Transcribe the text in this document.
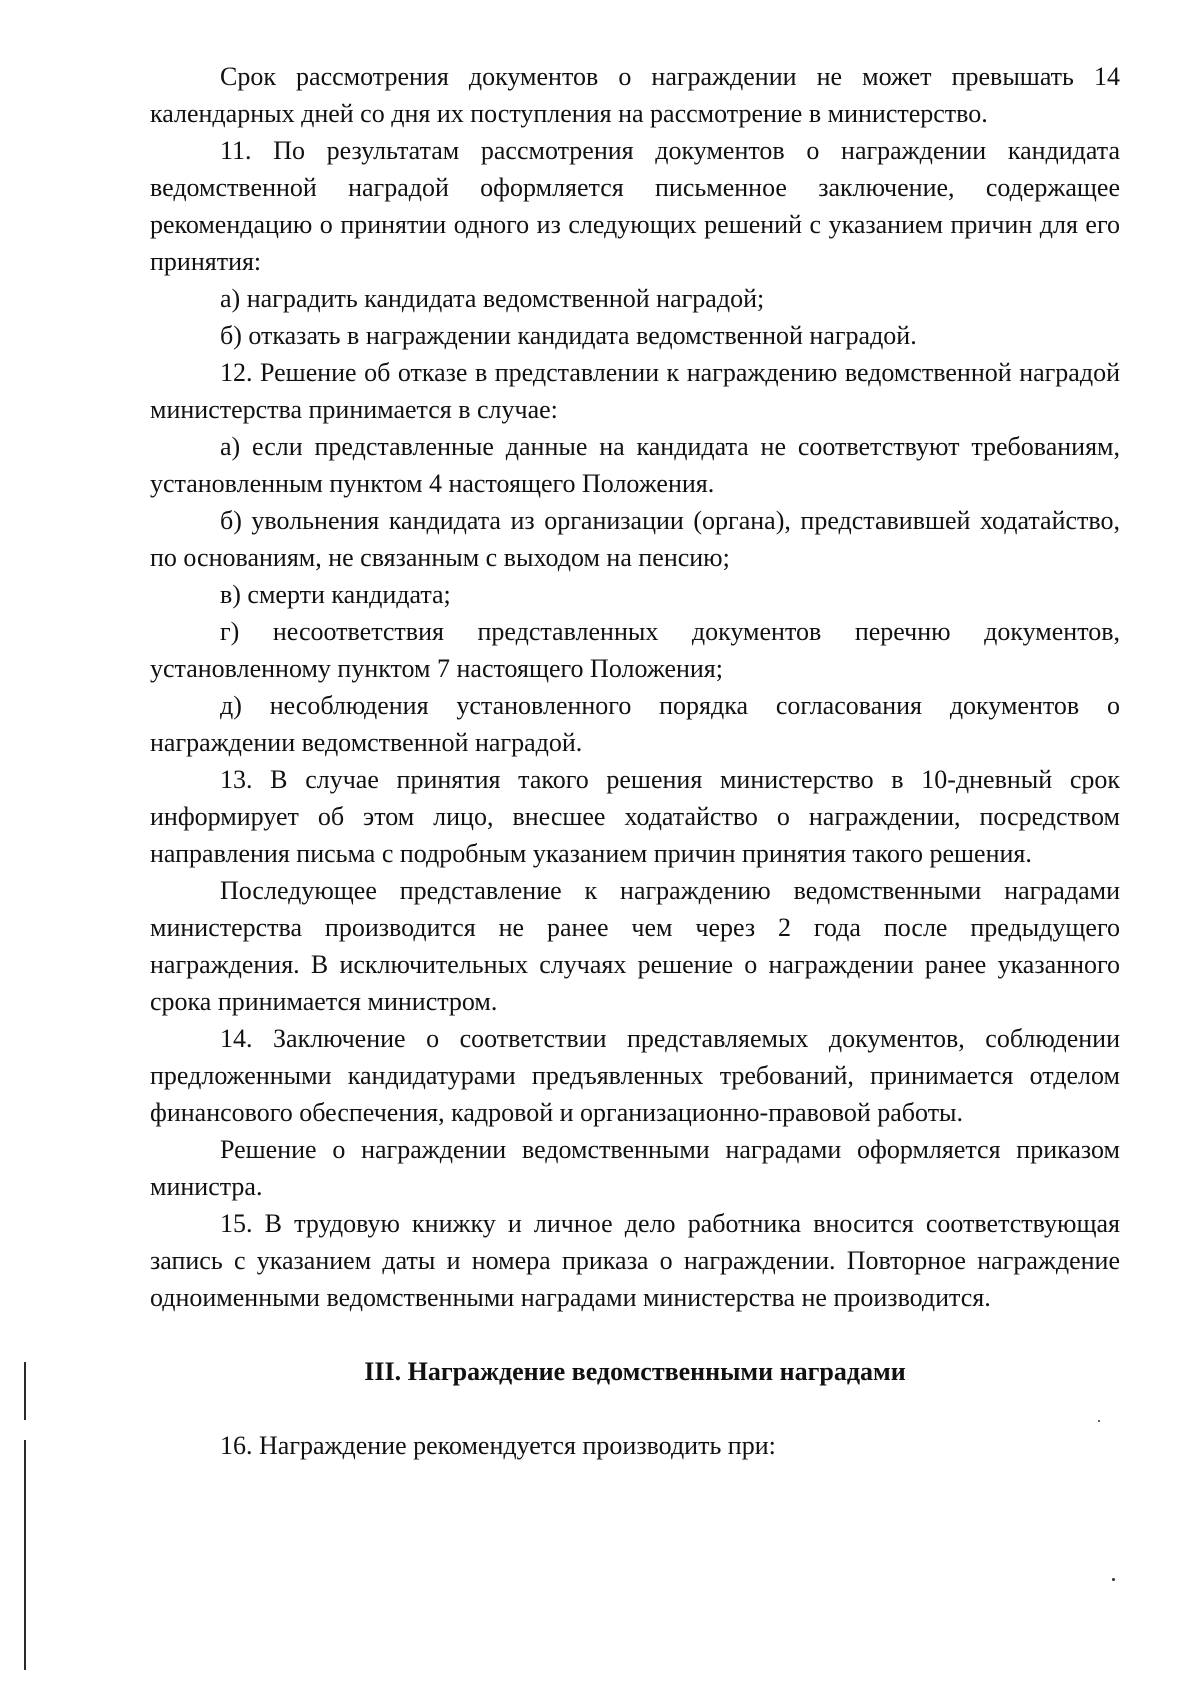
Срок рассмотрения документов о награждении не может превышать 14 календарных дней со дня их поступления на рассмотрение в министерство.

11. По результатам рассмотрения документов о награждении кандидата ведомственной наградой оформляется письменное заключение, содержащее рекомендацию о принятии одного из следующих решений с указанием причин для его принятия:

а) наградить кандидата ведомственной наградой;

б) отказать в награждении кандидата ведомственной наградой.

12. Решение об отказе в представлении к награждению ведомственной наградой министерства принимается в случае:

а) если представленные данные на кандидата не соответствуют требованиям, установленным пунктом 4 настоящего Положения.

б) увольнения кандидата из организации (органа), представившей ходатайство, по основаниям, не связанным с выходом на пенсию;

в) смерти кандидата;

г) несоответствия представленных документов перечню документов, установленному пунктом 7 настоящего Положения;

д) несоблюдения установленного порядка согласования документов о награждении ведомственной наградой.

13. В случае принятия такого решения министерство в 10-дневный срок информирует об этом лицо, внесшее ходатайство о награждении, посредством направления письма с подробным указанием причин принятия такого решения.

Последующее представление к награждению ведомственными наградами министерства производится не ранее чем через 2 года после предыдущего награждения. В исключительных случаях решение о награждении ранее указанного срока принимается министром.

14. Заключение о соответствии представляемых документов, соблюдении предложенными кандидатурами предъявленных требований, принимается отделом финансового обеспечения, кадровой и организационно-правовой работы.

Решение о награждении ведомственными наградами оформляется приказом министра.

15. В трудовую книжку и личное дело работника вносится соответствующая запись с указанием даты и номера приказа о награждении. Повторное награждение одноименными ведомственными наградами министерства не производится.

III. Награждение ведомственными наградами

16. Награждение рекомендуется производить при:
